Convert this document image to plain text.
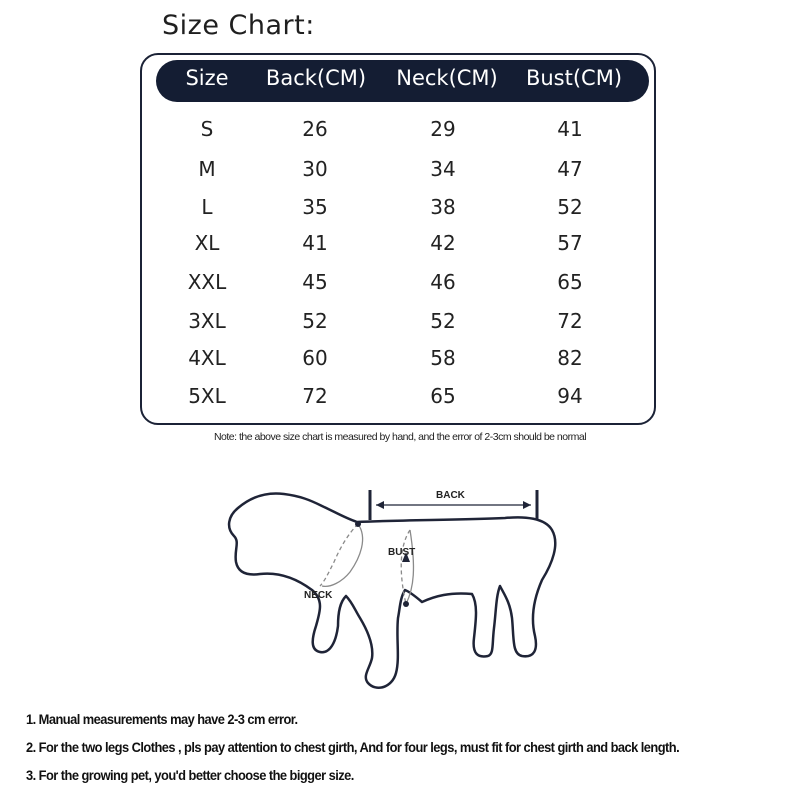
Size Chart:
Size Back(CM) Neck(CM) Bust(CM)
S	26	29	41
M	30	34	47
L	35	38	52
XL	41	42	57
XXL	45	46	65
3XL	52	52	72
4XL	60	58	82
5XL	72	65	94
Note: the above size chart is measured by hand, and the error of 2-3cm should be normal
BACK
BUST
NECK
1. Manual measurements may have 2-3 cm error.
2. For the two legs Clothes , pls pay attention to chest girth, And for four legs, must fit for chest girth and back length.
3. For the growing pet, you'd better choose the bigger size.
